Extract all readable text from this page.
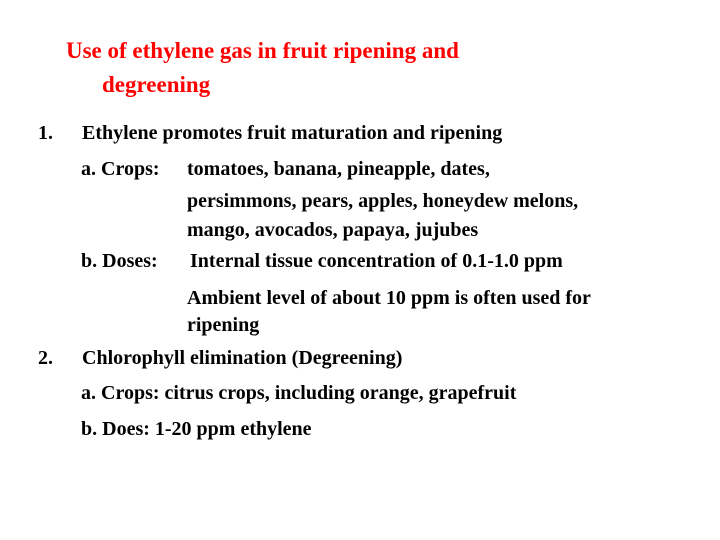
Use of ethylene gas in fruit ripening and
degreening
1. Ethylene promotes fruit maturation and ripening
a. Crops: tomatoes, banana, pineapple, dates,
persimmons, pears, apples, honeydew melons,
mango, avocados, papaya, jujubes
b. Doses: Internal tissue concentration of 0.1-1.0 ppm
Ambient level of about 10 ppm is often used for
ripening
2. Chlorophyll elimination (Degreening)
a. Crops: citrus crops, including orange, grapefruit
b. Does: 1-20 ppm ethylene
